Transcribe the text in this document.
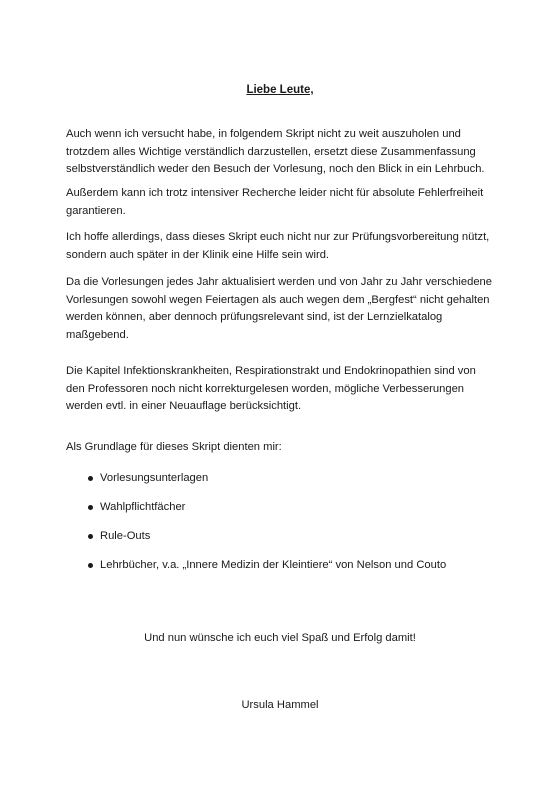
Liebe Leute,

Auch wenn ich versucht habe, in folgendem Skript nicht zu weit auszuholen und
trotzdem alles Wichtige verständlich darzustellen, ersetzt diese Zusammenfassung
selbstverständlich weder den Besuch der Vorlesung, noch den Blick in ein Lehrbuch.

Außerdem kann ich trotz intensiver Recherche leider nicht für absolute Fehlerfreiheit
garantieren.

Ich hoffe allerdings, dass dieses Skript euch nicht nur zur Prüfungsvorbereitung nützt,
sondern auch später in der Klinik eine Hilfe sein wird.

Da die Vorlesungen jedes Jahr aktualisiert werden und von Jahr zu Jahr verschiedene
Vorlesungen sowohl wegen Feiertagen als auch wegen dem „Bergfest“ nicht gehalten
werden können, aber dennoch prüfungsrelevant sind, ist der Lernzielkatalog
maßgebend.

Die Kapitel Infektionskrankheiten, Respirationstrakt und Endokrinopathien sind von
den Professoren noch nicht korrekturgelesen worden, mögliche Verbesserungen
werden evtl. in einer Neuauflage berücksichtigt.

Als Grundlage für dieses Skript dienten mir:

Vorlesungsunterlagen
Wahlpflichtfächer
Rule-Outs
Lehrbücher, v.a. „Innere Medizin der Kleintiere“ von Nelson und Couto

Und nun wünsche ich euch viel Spaß und Erfolg damit!

Ursula Hammel
